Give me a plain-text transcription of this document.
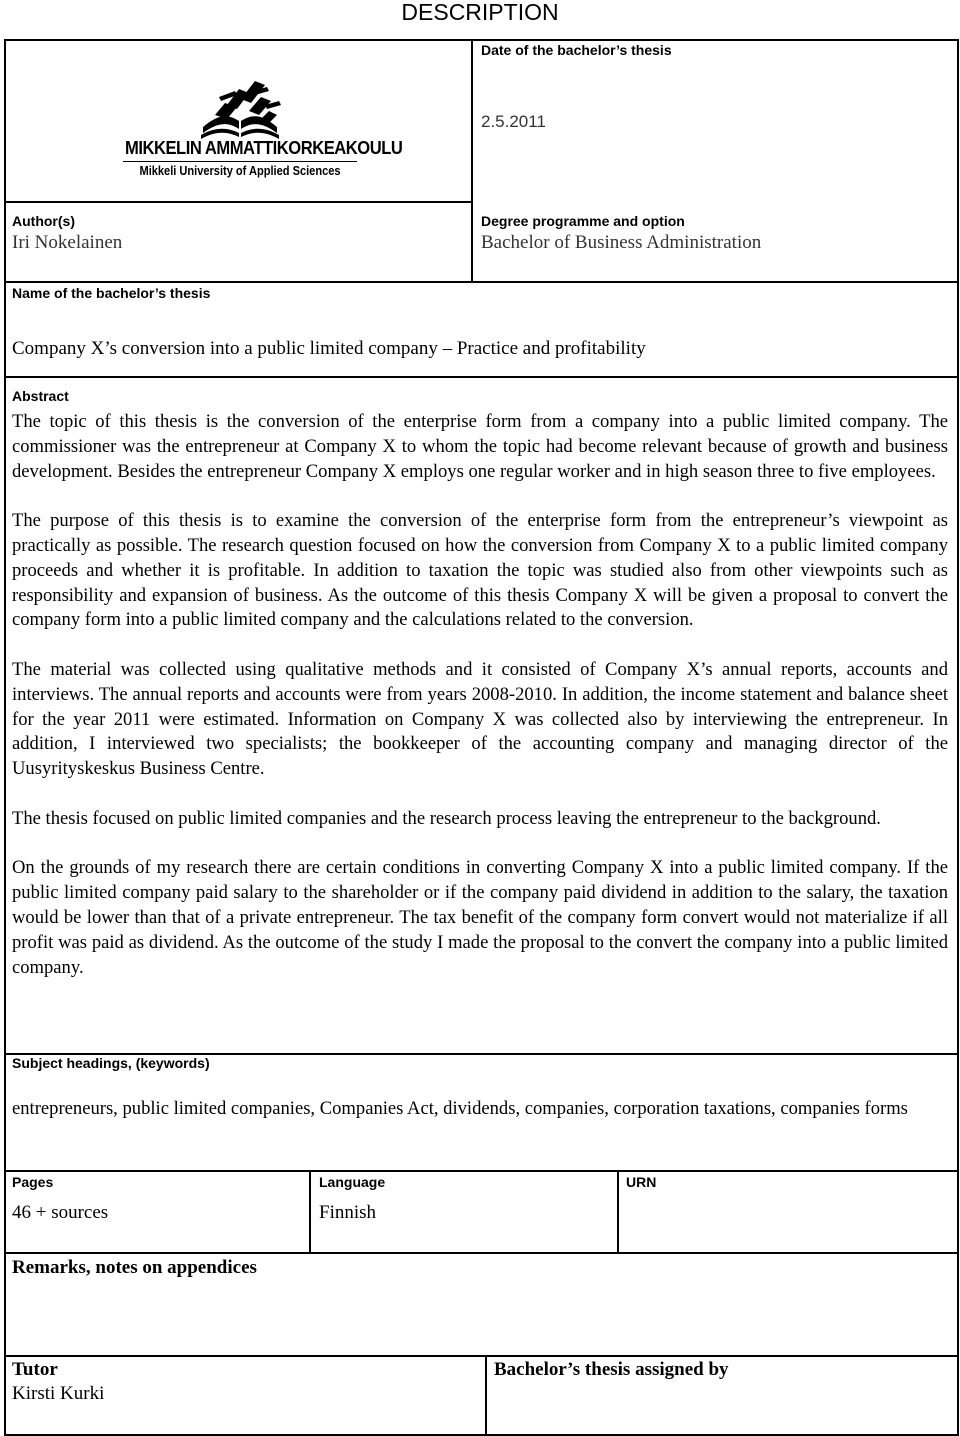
DESCRIPTION
MIKKELIN AMMATTIKORKEAKOULU
Mikkeli University of Applied Sciences
Date of the bachelor’s thesis
2.5.2011
Author(s)
Iri Nokelainen
Degree programme and option
Bachelor of Business Administration
Name of the bachelor’s thesis
Company X’s conversion into a public limited company – Practice and profitability
Abstract

The topic of this thesis is the conversion of the enterprise form from a company into a public limited company. The commissioner was the entrepreneur at Company X to whom the topic had become relevant because of growth and business development. Besides the entrepreneur Company X employs one regular worker and in high season three to five employees.

The purpose of this thesis is to examine the conversion of the enterprise form from the entrepreneur’s viewpoint as practically as possible. The research question focused on how the conversion from Company X to a public limited company proceeds and whether it is profitable. In addition to taxation the topic was studied also from other viewpoints such as responsibility and expansion of business. As the outcome of this thesis Company X will be given a proposal to convert the company form into a public limited company and the calculations related to the conversion.

The material was collected using qualitative methods and it consisted of Company X’s annual reports, accounts and interviews. The annual reports and accounts were from years 2008-2010. In addition, the income statement and balance sheet for the year 2011 were estimated. Information on Company X was collected also by interviewing the entrepreneur. In addition, I interviewed two specialists; the bookkeeper of the accounting company and managing director of the Uusyrityskeskus Business Centre.

The thesis focused on public limited companies and the research process leaving the entrepreneur to the background.

On the grounds of my research there are certain conditions in converting Company X into a public limited company. If the public limited company paid salary to the shareholder or if the company paid dividend in addition to the salary, the taxation would be lower than that of a private entrepreneur. The tax benefit of the company form convert would not materialize if all profit was paid as dividend. As the outcome of the study I made the proposal to the convert the company into a public limited company.

Subject headings, (keywords)
entrepreneurs, public limited companies, Companies Act, dividends, companies, corporation taxations, companies forms
Pages
46 + sources
Language
Finnish
URN
Remarks, notes on appendices
Tutor
Kirsti Kurki
Bachelor’s thesis assigned by
